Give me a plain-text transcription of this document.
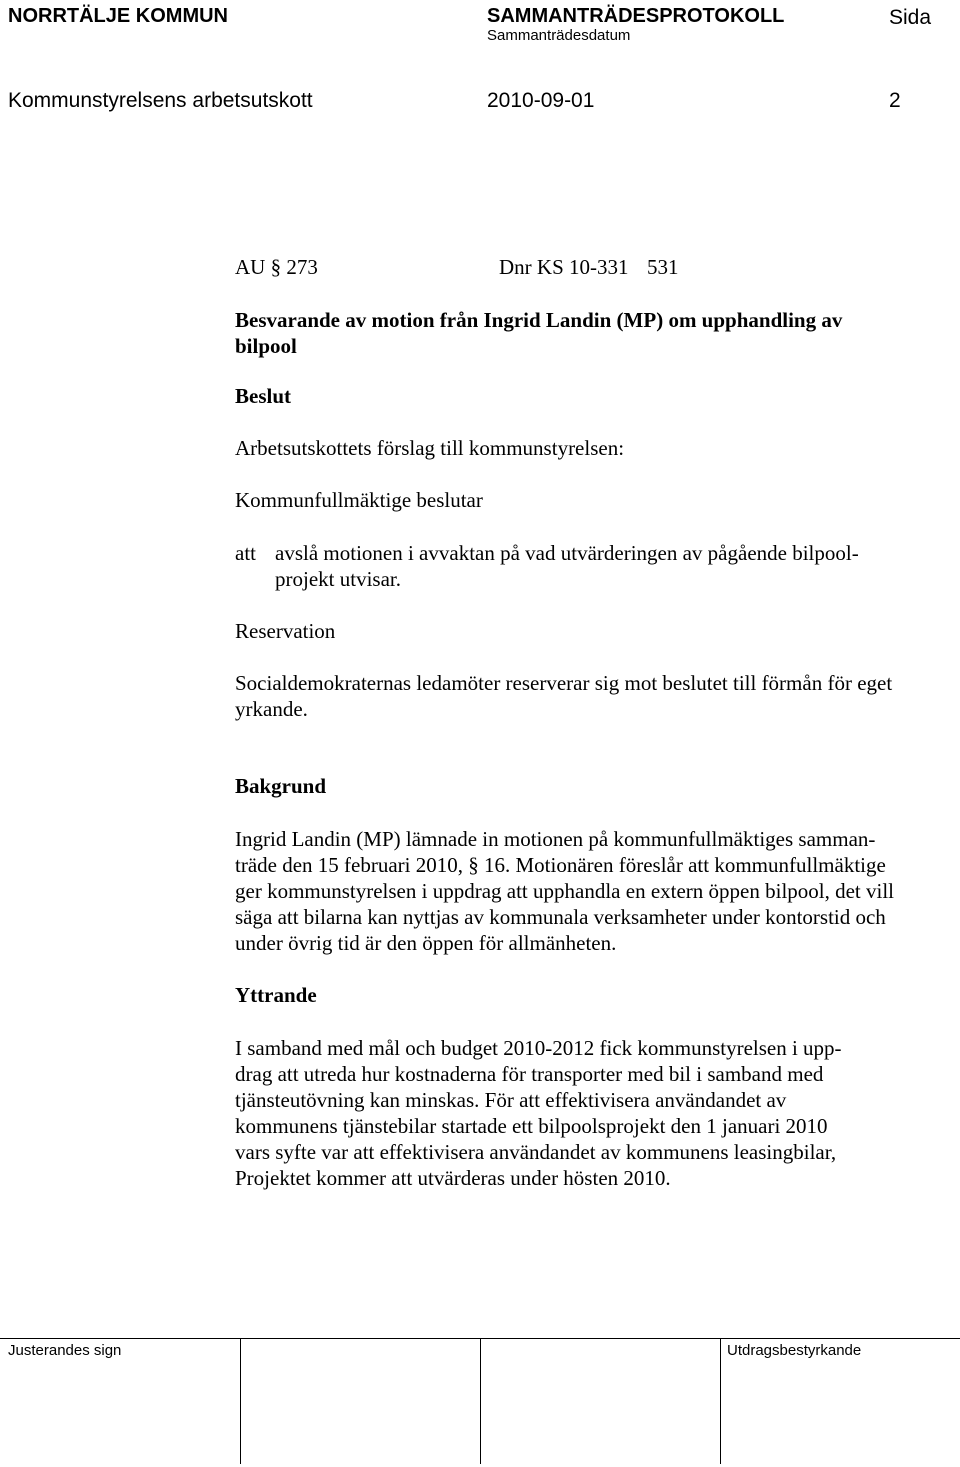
NORRTÄLJE KOMMUN	SAMMANTRÄDESPROTOKOLL	Sida
Sammanträdesdatum
Kommunstyrelsens arbetsutskott	2010-09-01	2
AU § 273	Dnr KS 10-331 531
Besvarande av motion från Ingrid Landin (MP) om upphandling av
bilpool
Beslut
Arbetsutskottets förslag till kommunstyrelsen:
Kommunfullmäktige beslutar
att avslå motionen i avvaktan på vad utvärderingen av pågående bilpool-
projekt utvisar.
Reservation
Socialdemokraternas ledamöter reserverar sig mot beslutet till förmån för eget
yrkande.
Bakgrund
Ingrid Landin (MP) lämnade in motionen på kommunfullmäktiges samman-
träde den 15 februari 2010, § 16. Motionären föreslår att kommunfullmäktige
ger kommunstyrelsen i uppdrag att upphandla en extern öppen bilpool, det vill
säga att bilarna kan nyttjas av kommunala verksamheter under kontorstid och
under övrig tid är den öppen för allmänheten.
Yttrande
I samband med mål och budget 2010-2012 fick kommunstyrelsen i upp-
drag att utreda hur kostnaderna för transporter med bil i samband med
tjänsteutövning kan minskas. För att effektivisera användandet av
kommunens tjänstebilar startade ett bilpoolsprojekt den 1 januari 2010
vars syfte var att effektivisera användandet av kommunens leasingbilar,
Projektet kommer att utvärderas under hösten 2010.
Justerandes sign	Utdragsbestyrkande
